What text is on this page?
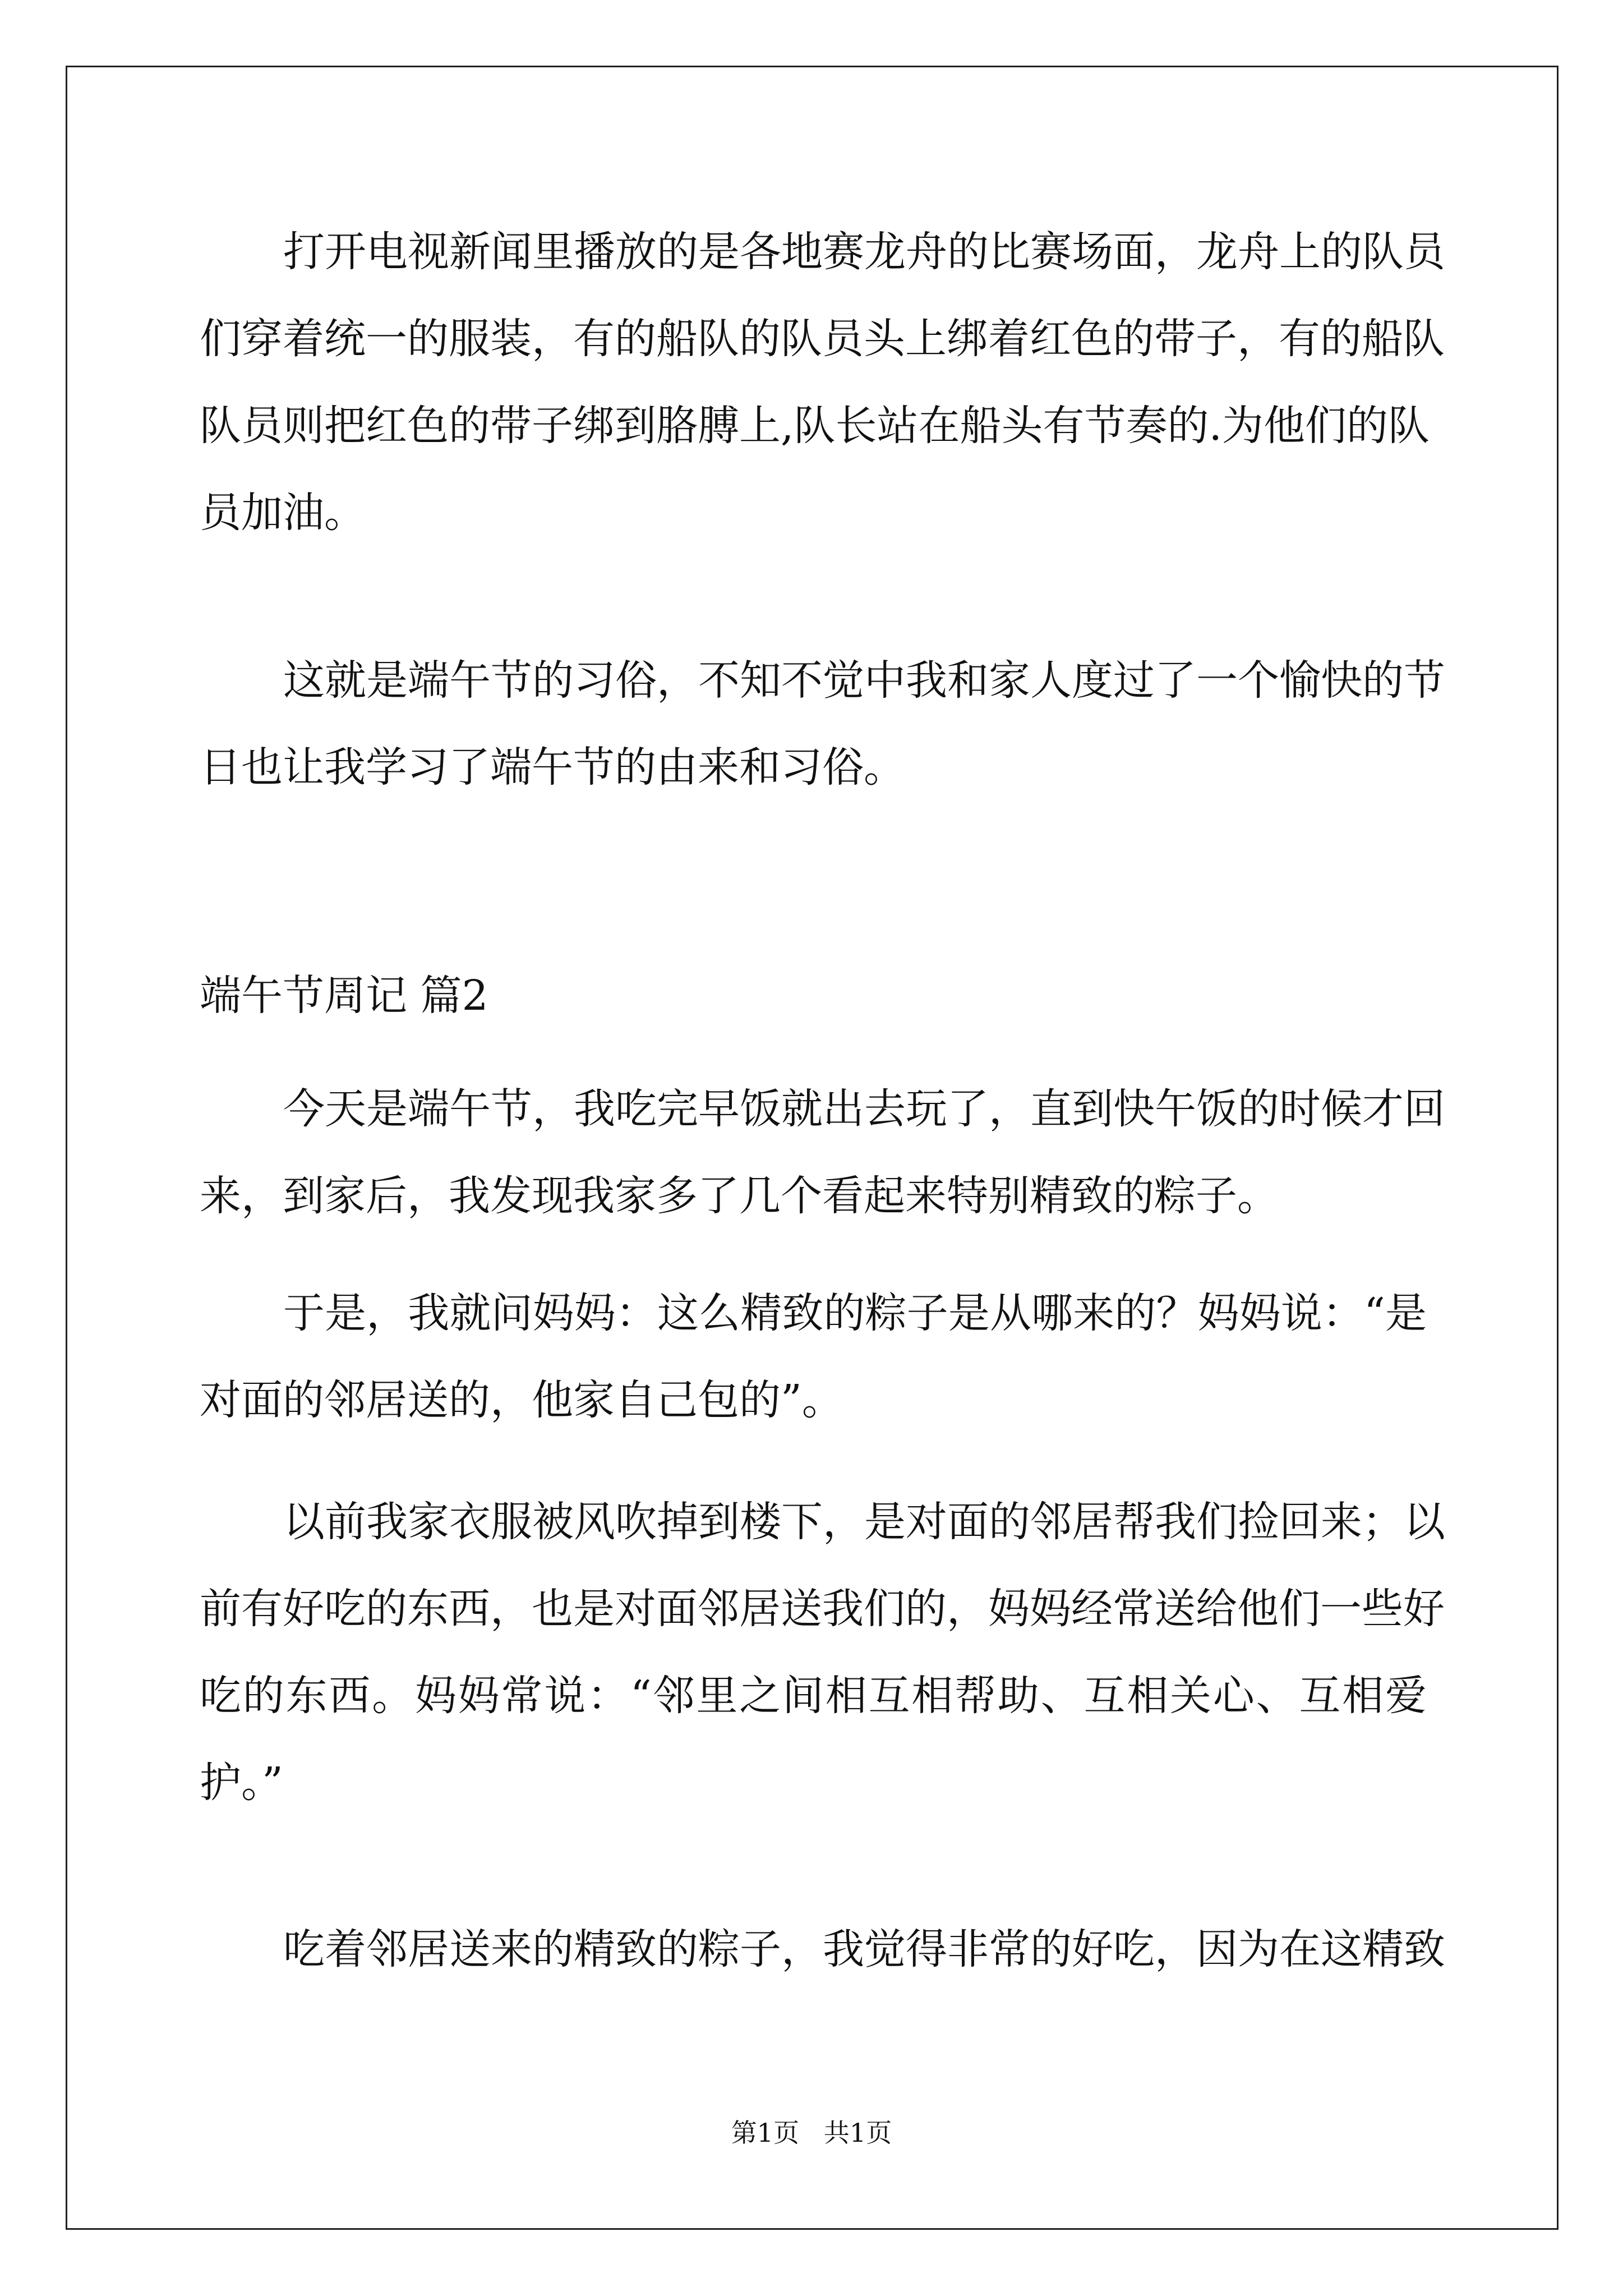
打开电视新闻里播放的是各地赛龙舟的比赛场面，龙舟上的队员
们穿着统一的服装，有的船队的队员头上绑着红色的带子，有的船队
队员则把红色的带子绑到胳膊上,队长站在船头有节奏的.为他们的队
员加油。
这就是端午节的习俗，不知不觉中我和家人度过了一个愉快的节
日也让我学习了端午节的由来和习俗。
端午节周记 篇2
今天是端午节，我吃完早饭就出去玩了，直到快午饭的时候才回
来，到家后，我发现我家多了几个看起来特别精致的粽子。
于是，我就问妈妈：这么精致的粽子是从哪来的？妈妈说：“是
对面的邻居送的，他家自己包的”。
以前我家衣服被风吹掉到楼下，是对面的邻居帮我们捡回来；以
前有好吃的东西，也是对面邻居送我们的，妈妈经常送给他们一些好
吃的东西。妈妈常说：“邻里之间相互相帮助、互相关心、互相爱
护。”
吃着邻居送来的精致的粽子，我觉得非常的好吃，因为在这精致
第1页   共1页
